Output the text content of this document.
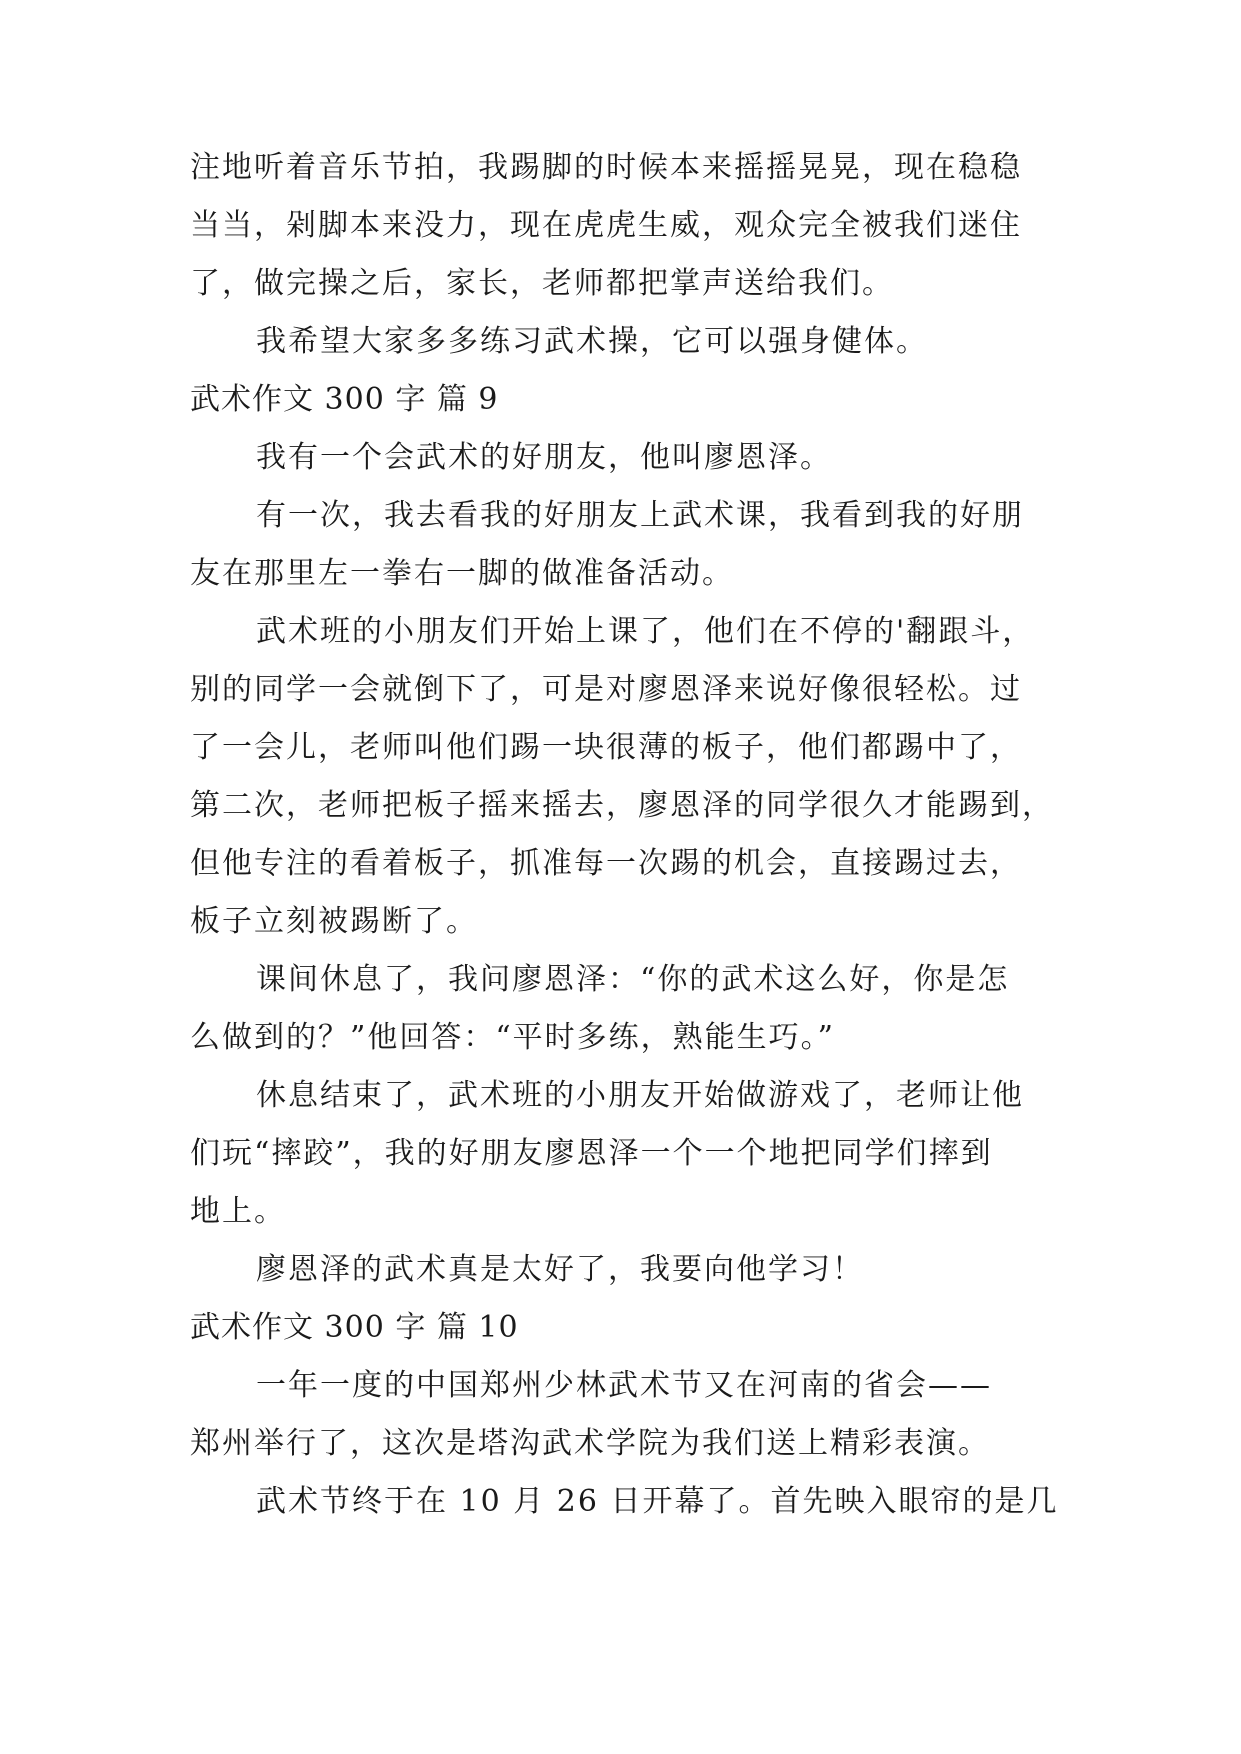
注地听着音乐节拍，我踢脚的时候本来摇摇晃晃，现在稳稳
当当，剁脚本来没力，现在虎虎生威，观众完全被我们迷住
了，做完操之后，家长，老师都把掌声送给我们。
我希望大家多多练习武术操，它可以强身健体。
武术作文 300 字 篇 9
我有一个会武术的好朋友，他叫廖恩泽。
有一次，我去看我的好朋友上武术课，我看到我的好朋
友在那里左一拳右一脚的做准备活动。
武术班的小朋友们开始上课了，他们在不停的'翻跟斗，
别的同学一会就倒下了，可是对廖恩泽来说好像很轻松。过
了一会儿，老师叫他们踢一块很薄的板子，他们都踢中了，
第二次，老师把板子摇来摇去，廖恩泽的同学很久才能踢到，
但他专注的看着板子，抓准每一次踢的机会，直接踢过去，
板子立刻被踢断了。
课间休息了，我问廖恩泽：“你的武术这么好，你是怎
么做到的？”他回答：“平时多练，熟能生巧。”
休息结束了，武术班的小朋友开始做游戏了，老师让他
们玩“摔跤”，我的好朋友廖恩泽一个一个地把同学们摔到
地上。
廖恩泽的武术真是太好了，我要向他学习！
武术作文 300 字 篇 10
一年一度的中国郑州少林武术节又在河南的省会——
郑州举行了，这次是塔沟武术学院为我们送上精彩表演。
武术节终于在 10 月 26 日开幕了。首先映入眼帘的是几
